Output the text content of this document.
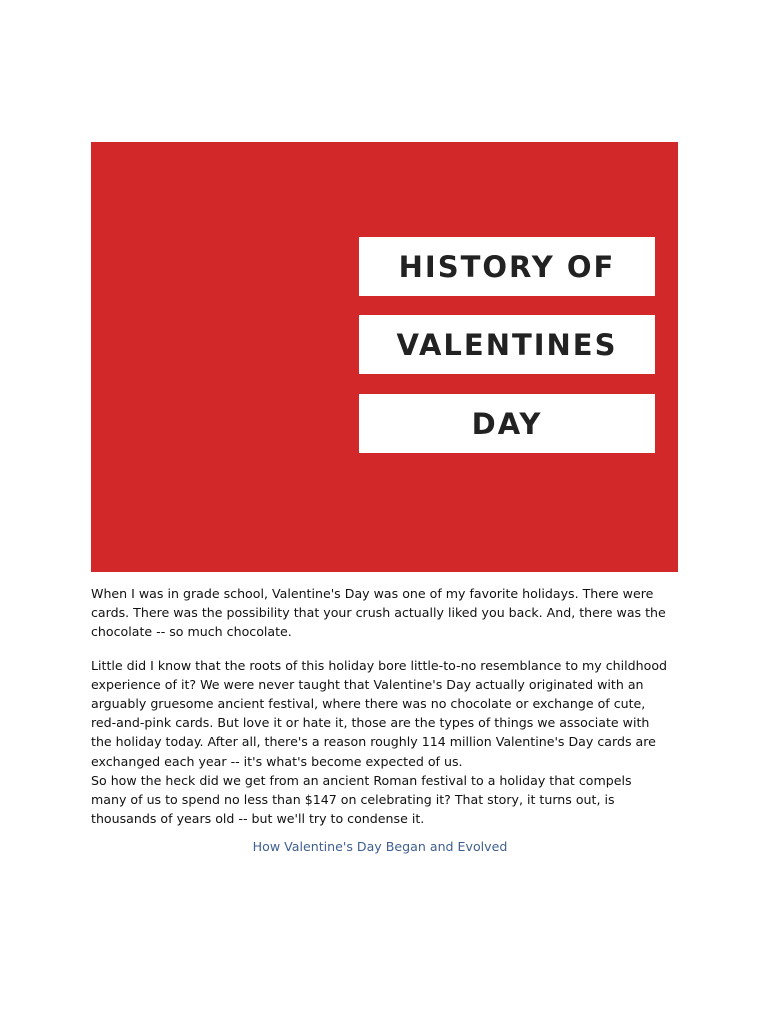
HISTORY OF
VALENTINES
DAY

When I was in grade school, Valentine's Day was one of my favorite holidays. There were cards. There was the possibility that your crush actually liked you back. And, there was the chocolate -- so much chocolate.

Little did I know that the roots of this holiday bore little-to-no resemblance to my childhood experience of it? We were never taught that Valentine's Day actually originated with an arguably gruesome ancient festival, where there was no chocolate or exchange of cute, red-and-pink cards. But love it or hate it, those are the types of things we associate with the holiday today. After all, there's a reason roughly 114 million Valentine's Day cards are exchanged each year -- it's what's become expected of us.

So how the heck did we get from an ancient Roman festival to a holiday that compels many of us to spend no less than $147 on celebrating it? That story, it turns out, is thousands of years old -- but we'll try to condense it.

How Valentine's Day Began and Evolved
